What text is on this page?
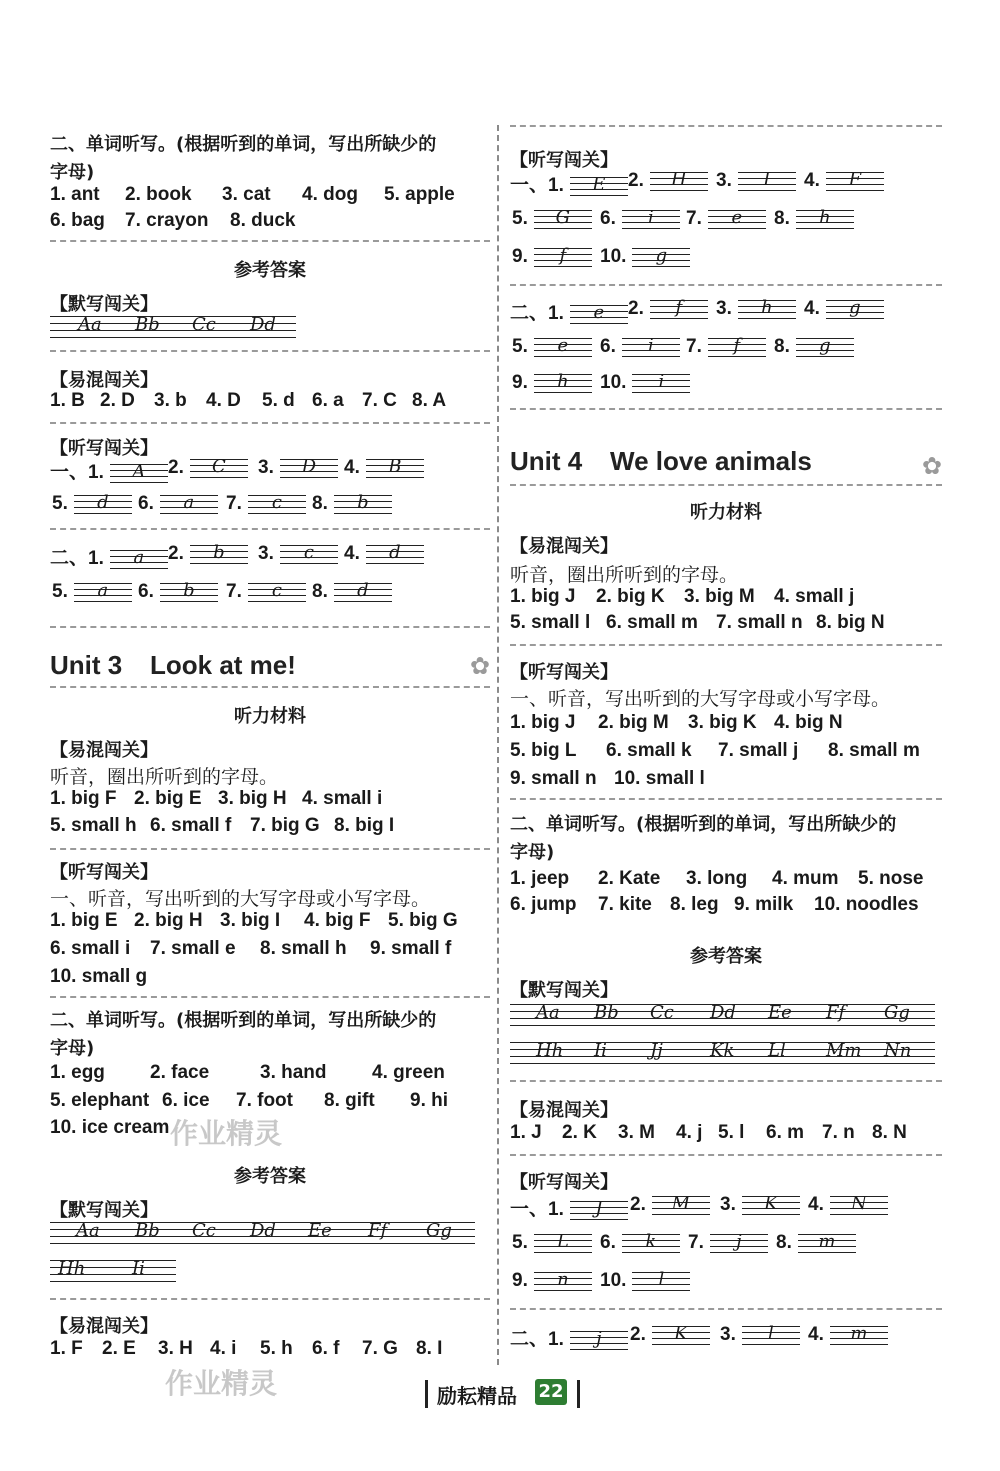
二、单词听写。(根据听到的单词，写出所缺少的
字母)
1. ant 2. book 3. cat 4. dog 5. apple
6. bag 7. crayon 8. duck
参考答案
【默写闯关】
Aa Bb Cc Dd
【易混闯关】
1. B 2. D 3. b 4. D 5. d 6. a 7. C 8. A
【听写闯关】
一、1.	A	2.	C	3.	D	4.	B
5.	d	6.	a	7.	c	8.	b
二、1.	a	2.	b	3.	c	4.	d
5.	a	6.	b	7.	c	8.	d
Unit 3 Look at me!	✿
听力材料
【易混闯关】
听音，圈出所听到的字母。
1. big F 2. big E 3. big H 4. small i
5. small h 6. small f 7. big G 8. big I
【听写闯关】
一、听音，写出听到的大写字母或小写字母。
1. big E 2. big H 3. big I 4. big F 5. big G
6. small i 7. small e 8. small h 9. small f
10. small g
二、单词听写。(根据听到的单词，写出所缺少的
字母)
1. egg 2. face	3. hand 4. green
5. elephant 6. ice 7. foot 8. gift 9. hi
10. ice cream
参考答案
【默写闯关】
Aa Bb Cc Dd Ee Ff Gg
Hh	Ii
【易混闯关】
1. F 2. E 3. H 4. i 5. h 6. f 7. G 8. I
【听写闯关】
一、1.	E	2.	H	3.	I	4.	F
5.	G	6.	i	7.	e	8.	h
9.	f	10.	g
二、1.	e	2.	f	3.	h	4.	g
5.	e	6.	i	7.	f	8.	g
9.	h	10.	i
Unit 4 We love animals	✿
听力材料
【易混闯关】
听音，圈出所听到的字母。
1. big J 2. big K 3. big M 4. small j
5. small l 6. small m 7. small n 8. big N
【听写闯关】
一、听音，写出听到的大写字母或小写字母。
1. big J 2. big M 3. big K 4. big N
5. big L 6. small k 7. small j 8. small m
9. small n 10. small l
二、单词听写。(根据听到的单词，写出所缺少的
字母)
1. jeep 2. Kate 3. long 4. mum 5. nose
6. jump 7. kite 8. leg 9. milk 10. noodles
参考答案
【默写闯关】
Aa Bb Cc Dd Ee Ff Gg
Hh Ii Jj	Kk Ll Mm Nn
【易混闯关】
1. J 2. K 3. M 4. j 5. l 6. m 7. n 8. N
【听写闯关】
一、1.	J	2.	M	3.	K	4.	N
5.	L	6.	k	7.	j	8.	m
9.	n	10.	l
二、1.	j	2.	K	3.	l	4.	m
作业精灵
作业精灵	励耘精品 22
